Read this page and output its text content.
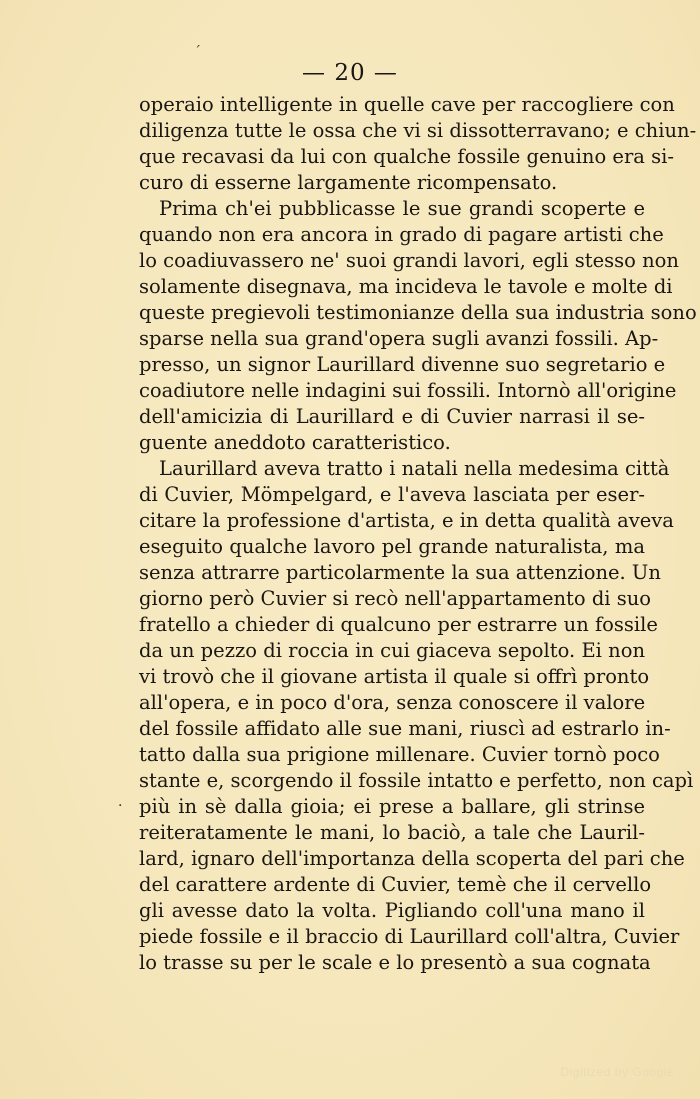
— 20 —
´
·
operaio intelligente in quelle cave per raccogliere con
diligenza tutte le ossa che vi si dissotterravano; e chiun-
que recavasi da lui con qualche fossile genuino era si-
curo di esserne largamente ricompensato.
Prima ch'ei pubblicasse le sue grandi scoperte e
quando non era ancora in grado di pagare artisti che
lo coadiuvassero ne' suoi grandi lavori, egli stesso non
solamente disegnava, ma incideva le tavole e molte di
queste pregievoli testimonianze della sua industria sono
sparse nella sua grand'opera sugli avanzi fossili. Ap-
presso, un signor Laurillard divenne suo segretario e
coadiutore nelle indagini sui fossili. Intornò all'origine
dell'amicizia di Laurillard e di Cuvier narrasi il se-
guente aneddoto caratteristico.
Laurillard aveva tratto i natali nella medesima città
di Cuvier, Mömpelgard, e l'aveva lasciata per eser-
citare la professione d'artista, e in detta qualità aveva
eseguito qualche lavoro pel grande naturalista, ma
senza attrarre particolarmente la sua attenzione. Un
giorno però Cuvier si recò nell'appartamento di suo
fratello a chieder di qualcuno per estrarre un fossile
da un pezzo di roccia in cui giaceva sepolto. Ei non
vi trovò che il giovane artista il quale si offrì pronto
all'opera, e in poco d'ora, senza conoscere il valore
del fossile affidato alle sue mani, riuscì ad estrarlo in-
tatto dalla sua prigione millenare. Cuvier tornò poco
stante e, scorgendo il fossile intatto e perfetto, non capì
più in sè dalla gioia; ei prese a ballare, gli strinse
reiteratamente le mani, lo baciò, a tale che Lauril-
lard, ignaro dell'importanza della scoperta del pari che
del carattere ardente di Cuvier, temè che il cervello
gli avesse dato la volta. Pigliando coll'una mano il
piede fossile e il braccio di Laurillard coll'altra, Cuvier
lo trasse su per le scale e lo presentò a sua cognata
Digitized by Google
